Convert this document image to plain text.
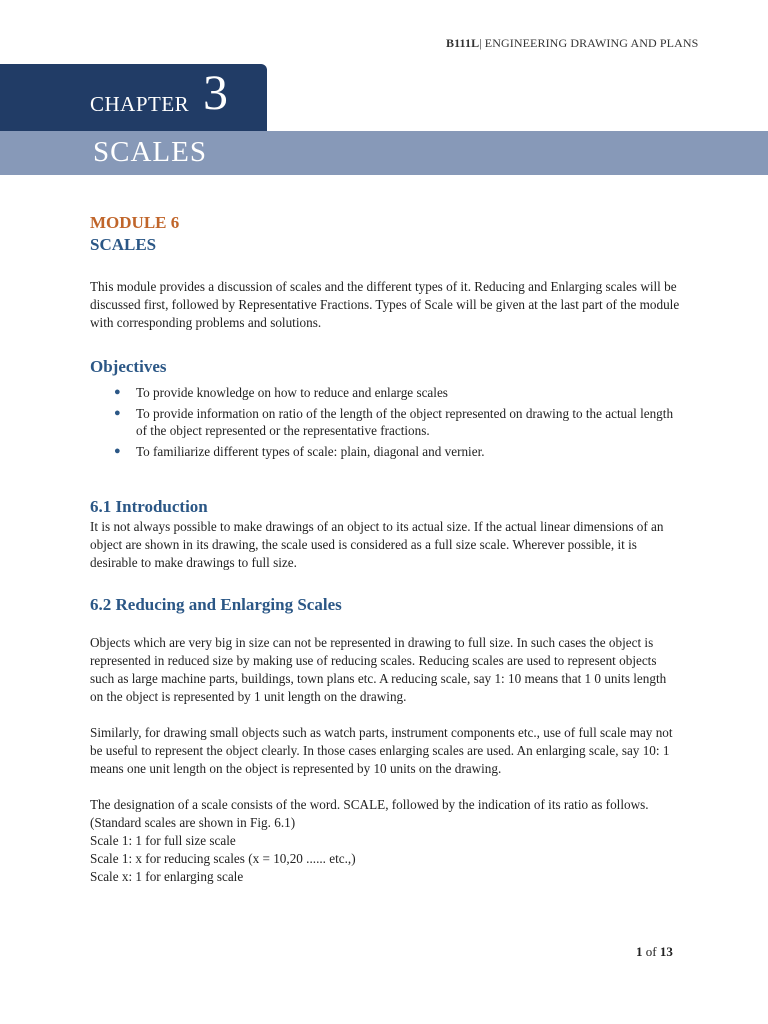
B111L| ENGINEERING DRAWING AND PLANS
CHAPTER 3
SCALES
MODULE 6
SCALES

This module provides a discussion of scales and the different types of it. Reducing and Enlarging scales will be discussed first, followed by Representative Fractions. Types of Scale will be given at the last part of the module with corresponding problems and solutions.

Objectives
● To provide knowledge on how to reduce and enlarge scales
● To provide information on ratio of the length of the object represented on drawing to the actual length of the object represented or the representative fractions.
● To familiarize different types of scale: plain, diagonal and vernier.
6.1 Introduction

It is not always possible to make drawings of an object to its actual size. If the actual linear dimensions of an object are shown in its drawing, the scale used is considered as a full size scale. Wherever possible, it is desirable to make drawings to full size.

6.2 Reducing and Enlarging Scales

Objects which are very big in size can not be represented in drawing to full size. In such cases the object is represented in reduced size by making use of reducing scales. Reducing scales are used to represent objects such as large machine parts, buildings, town plans etc. A reducing scale, say 1: 10 means that 1 0 units length on the object is represented by 1 unit length on the drawing.

Similarly, for drawing small objects such as watch parts, instrument components etc., use of full scale may not be useful to represent the object clearly. In those cases enlarging scales are used. An enlarging scale, say 10: 1 means one unit length on the object is represented by 10 units on the drawing.

The designation of a scale consists of the word. SCALE, followed by the indication of its ratio as follows. (Standard scales are shown in Fig. 6.1)

Scale 1: 1 for full size scale

Scale 1: x for reducing scales (x = 10,20 ...... etc.,)

Scale x: 1 for enlarging scale

1 of 13
